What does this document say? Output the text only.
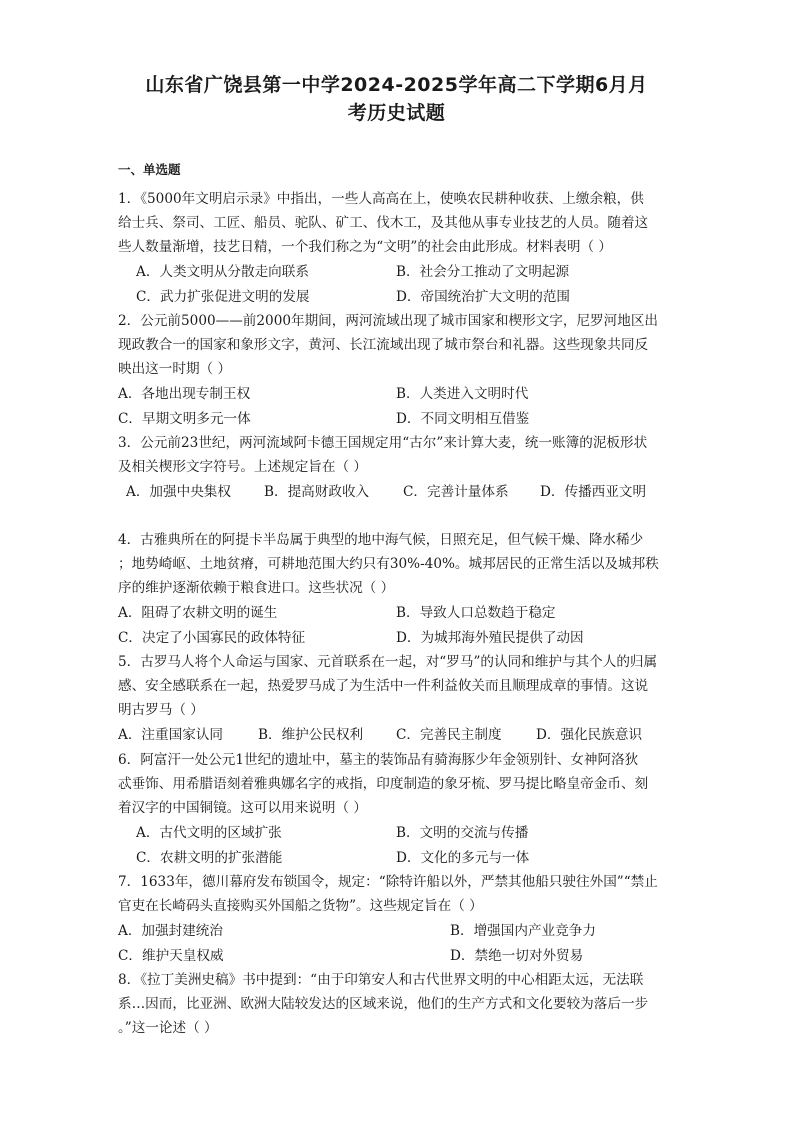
山东省广饶县第一中学2024-2025学年高二下学期6月月
考历史试题
一、单选题
1．《5000年文明启示录》中指出，一些人高高在上，使唤农民耕种收获、上缴余粮，供
给士兵、祭司、工匠、船员、驼队、矿工、伐木工，及其他从事专业技艺的人员。随着这
些人数量渐增，技艺日精，一个我们称之为“文明”的社会由此形成。材料表明（ ）
A．人类文明从分散走向联系	B．社会分工推动了文明起源
C．武力扩张促进文明的发展	D．帝国统治扩大文明的范围
2．公元前5000——前2000年期间，两河流域出现了城市国家和楔形文字，尼罗河地区出
现政教合一的国家和象形文字，黄河、长江流域出现了城市祭台和礼器。这些现象共同反
映出这一时期（ ）
A．各地出现专制王权	B．人类进入文明时代
C．早期文明多元一体	D．不同文明相互借鉴
3．公元前23世纪，两河流域阿卡德王国规定用“古尔”来计算大麦，统一账簿的泥板形状
及相关楔形文字符号。上述规定旨在（ ）
A．加强中央集权 B．提高财政收入 C．完善计量体系 D．传播西亚文明
4．古雅典所在的阿提卡半岛属于典型的地中海气候，日照充足，但气候干燥、降水稀少
；地势崎岖、土地贫瘠，可耕地范围大约只有30%-40%。城邦居民的正常生活以及城邦秩
序的维护逐渐依赖于粮食进口。这些状况（ ）
A．阻碍了农耕文明的诞生	B．导致人口总数趋于稳定
C．决定了小国寡民的政体特征	D．为城邦海外殖民提供了动因
5．古罗马人将个人命运与国家、元首联系在一起，对“罗马”的认同和维护与其个人的归属
感、安全感联系在一起，热爱罗马成了为生活中一件利益攸关而且顺理成章的事情。这说
明古罗马（ ）
A．注重国家认同	B．维护公民权利 C．完善民主制度	D．强化民族意识
6．阿富汗一处公元1世纪的遗址中，墓主的装饰品有骑海豚少年金领别针、女神阿洛狄
忒垂饰、用希腊语刻着雅典娜名字的戒指，印度制造的象牙梳、罗马提比略皇帝金币、刻
着汉字的中国铜镜。这可以用来说明（ ）
A．古代文明的区域扩张	B．文明的交流与传播
C．农耕文明的扩张潜能	D．文化的多元与一体
7．1633年，德川幕府发布锁国令，规定：“除特许船以外，严禁其他船只驶往外国”“禁止
官吏在长崎码头直接购买外国船之货物”。这些规定旨在（ ）
A．加强封建统治	B．增强国内产业竞争力
C．维护天皇权威	D．禁绝一切对外贸易
8．《拉丁美洲史稿》书中提到：“由于印第安人和古代世界文明的中心相距太远，无法联
系…因而，比亚洲、欧洲大陆较发达的区域来说，他们的生产方式和文化要较为落后一步
。”这一论述（ ）
